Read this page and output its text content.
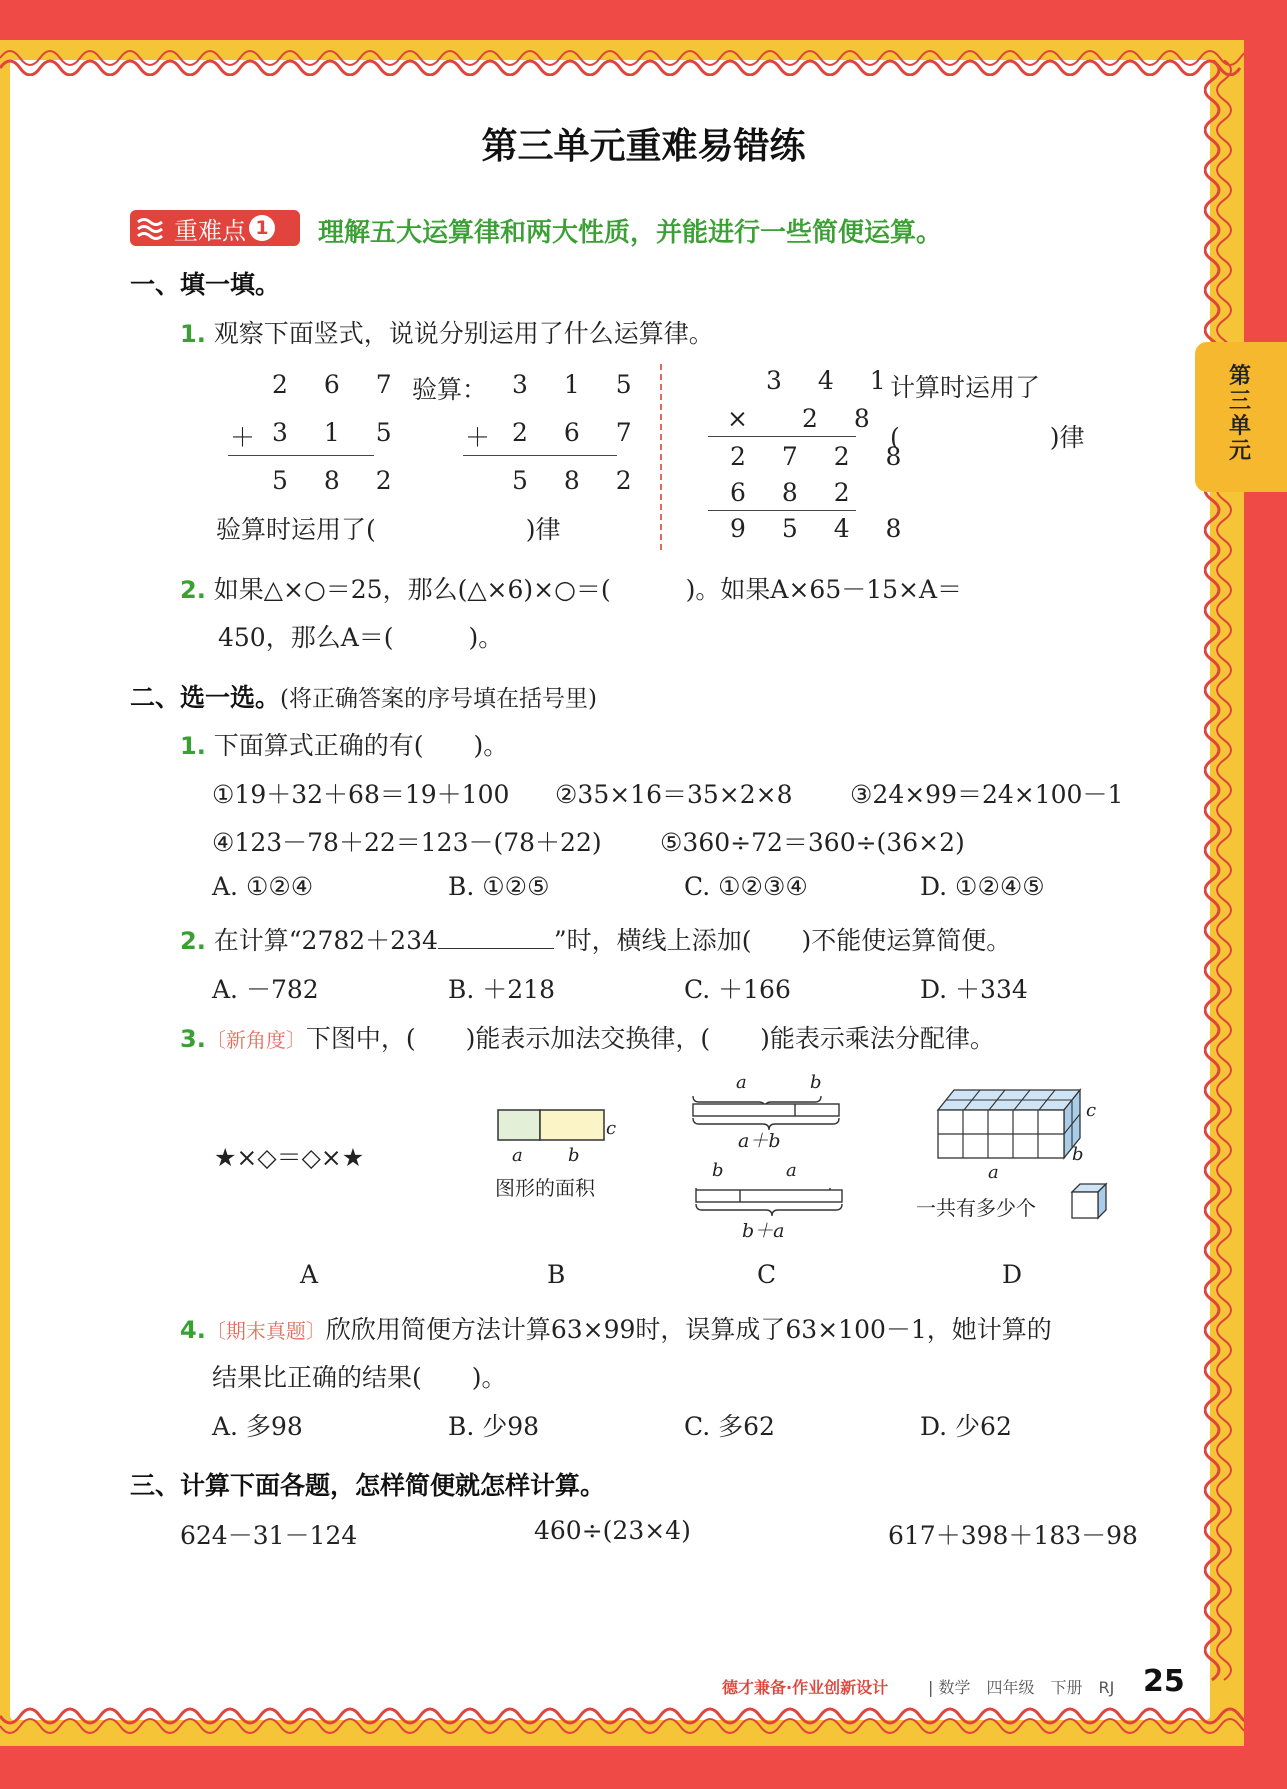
第三单元
第三单元重难易错练
重难点 1 理解五大运算律和两大性质，并能进行一些简便运算。
一、填一填。
1. 观察下面竖式，说说分别运用了什么运算律。
2 6 7
＋ 3 1 5
5 8 2
验算： 3 1 5
＋ 2 6 7
5 8 2
验算时运用了(　　　　　　)律
3 4 1
× 2 8
2 7 2 8
6 8 2
9 5 4 8
计算时运用了
(　　　　　　)律
2. 如果△×○＝25，那么(△×6)×○＝(　　　)。如果A×65－15×A＝
450，那么A＝(　　　)。
二、选一选。(将正确答案的序号填在括号里)
1. 下面算式正确的有(　　)。
①19＋32＋68＝19＋100 ②35×16＝35×2×8 ③24×99＝24×100－1
④123－78＋22＝123－(78＋22) ⑤360÷72＝360÷(36×2)
A. ①②④	B. ①②⑤	C. ①②③④	D. ①②④⑤
2. 在计算“2782＋234	”时，横线上添加(　　)不能使运算简便。
A. －782	B. ＋218	C. ＋166	D. ＋334
3.〔新角度〕下图中，(　　)能表示加法交换律，(　　)能表示乘法分配律。
★×◇＝◇×★
c
a	b
图形的面积
a	b
a＋b
b	a
b＋a
c
b
a
一共有多少个
A	B	C	D
4.〔期末真题〕欣欣用简便方法计算63×99时，误算成了63×100－1，她计算的
结果比正确的结果(　　)。
A. 多98	B. 少98	C. 多62	D. 少62
三、计算下面各题，怎样简便就怎样计算。
624－31－124	460÷(23×4)	617＋398＋183－98
德才兼备·作业创新设计 | 数学　四年级　下册　RJ 25
